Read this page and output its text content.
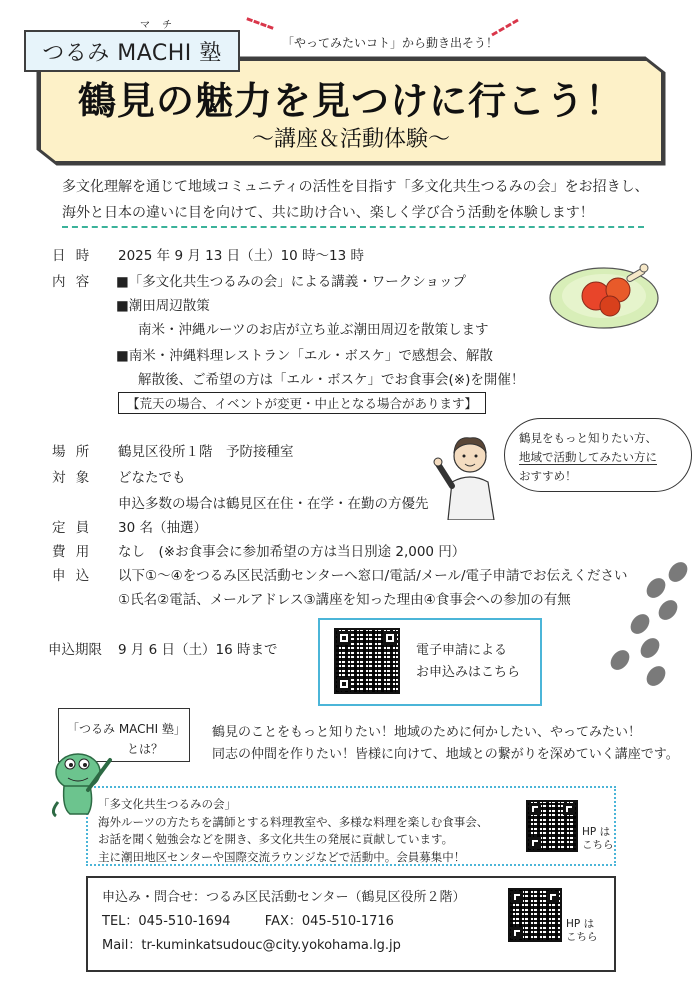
鶴見の魅力を見つけに行こう！
～講座＆活動体験～
つるみ MACHI 塾
マチ
「やってみたいコト」から動き出そう！
多文化理解を通じて地域コミュニティの活性を目指す「多文化共生つるみの会」をお招きし、
海外と日本の違いに目を向けて、共に助け合い、楽しく学び合う活動を体験します！
日 時	2025 年 9 月 13 日（土）10 時～13 時
内 容	■「多文化共生つるみの会」による講義・ワークショップ
■潮田周辺散策
南米・沖縄ルーツのお店が立ち並ぶ潮田周辺を散策します
■南米・沖縄料理レストラン「エル・ボスケ」で感想会、解散
解散後、ご希望の方は「エル・ボスケ」でお食事会(※)を開催！
【荒天の場合、イベントが変更・中止となる場合があります】
場 所	鶴見区役所１階　予防接種室
対 象	どなたでも
申込多数の場合は鶴見区在住・在学・在勤の方優先
定 員	30 名（抽選）
費 用	なし　(※お食事会に参加希望の方は当日別途 2,000 円）
申 込	以下①～④をつるみ区民活動センターへ窓口/電話/メール/電子申請でお伝えください
①氏名②電話、メールアドレス③講座を知った理由④食事会への参加の有無
申込期限 9 月 6 日（土）16 時まで
鶴見をもっと知りたい方、
地域で活動してみたい方に
おすすめ！
電子申請による
お申込みはこちら
「つるみ MACHI 塾」
とは？
鶴見のことをもっと知りたい！地域のために何かしたい、やってみたい！
同志の仲間を作りたい！皆様に向けて、地域との繋がりを深めていく講座です。
「多文化共生つるみの会」
海外ルーツの方たちを講師とする料理教室や、多様な料理を楽しむ食事会、
お話を聞く勉強会などを開き、多文化共生の発展に貢献しています。
主に潮田地区センターや国際交流ラウンジなどで活動中。会員募集中！
HP は
こちら
申込み・問合せ：つるみ区民活動センター（鶴見区役所２階）
TEL：045-510-1694	FAX：045-510-1716
Mail：tr-kuminkatsudouc@city.yokohama.lg.jp
HP は
こちら
